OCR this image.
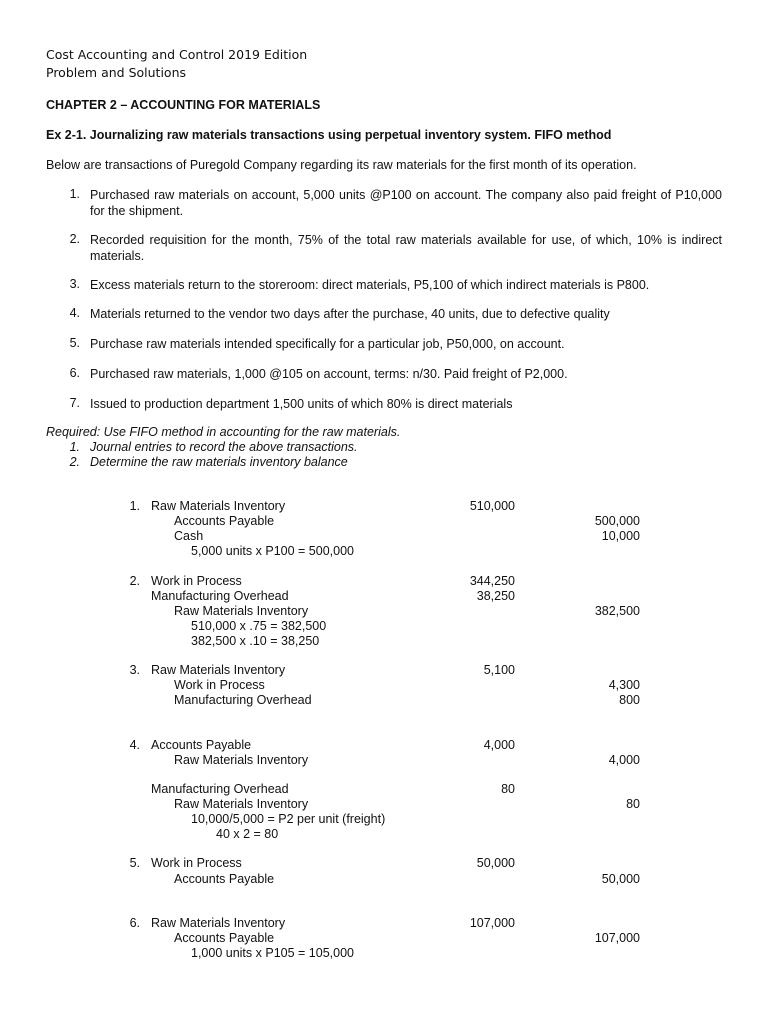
Cost Accounting and Control 2019 Edition
Problem and Solutions
CHAPTER 2 – ACCOUNTING FOR MATERIALS
Ex 2-1. Journalizing raw materials transactions using perpetual inventory system. FIFO method
Below are transactions of Puregold Company regarding its raw materials for the first month of its operation.
1. Purchased raw materials on account, 5,000 units @P100 on account. The company also paid freight of P10,000 for the shipment.
2. Recorded requisition for the month, 75% of the total raw materials available for use, of which, 10% is indirect materials.
3. Excess materials return to the storeroom: direct materials, P5,100 of which indirect materials is P800.
4. Materials returned to the vendor two days after the purchase, 40 units, due to defective quality
5. Purchase raw materials intended specifically for a particular job, P50,000, on account.
6. Purchased raw materials, 1,000 @105 on account, terms: n/30. Paid freight of P2,000.
7. Issued to production department 1,500 units of which 80% is direct materials
Required: Use FIFO method in accounting for the raw materials.
1. Journal entries to record the above transactions.
2. Determine the raw materials inventory balance
1. Raw Materials Inventory	510,000
Accounts Payable	500,000
Cash	10,000
5,000 units x P100 = 500,000
2. Work in Process	344,250
Manufacturing Overhead	38,250
Raw Materials Inventory	382,500
510,000 x .75 = 382,500
382,500 x .10 = 38,250
3. Raw Materials Inventory	5,100
Work in Process	4,300
Manufacturing Overhead	800
4. Accounts Payable	4,000
Raw Materials Inventory	4,000
Manufacturing Overhead	80
Raw Materials Inventory	80
10,000/5,000 = P2 per unit (freight)
40 x 2 = 80
5. Work in Process	50,000
Accounts Payable	50,000
6. Raw Materials Inventory	107,000
Accounts Payable	107,000
1,000 units x P105 = 105,000
